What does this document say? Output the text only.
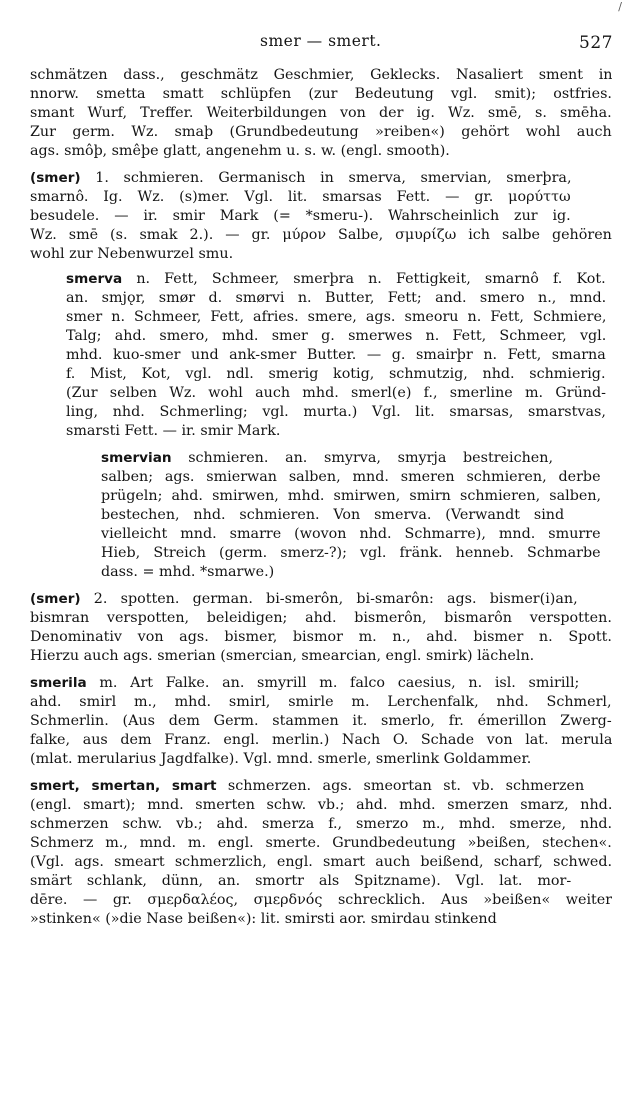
smer — smert.	527
/
schmätzen dass., geschmätz Geschmier, Geklecks. Nasaliert sment in
nnorw. smetta smatt schlüpfen (zur Bedeutung vgl. smit); ostfries.
smant Wurf, Treffer. Weiterbildungen von der ig. Wz. smē, s. smēha.
Zur germ. Wz. smaþ (Grundbedeutung »reiben«) gehört wohl auch
ags. smôþ, smêþe glatt, angenehm u. s. w. (engl. smooth).
(smer) 1. schmieren. Germanisch in smerva, smervian, smerþra,
smarnô. Ig. Wz. (s)mer. Vgl. lit. smarsas Fett. — gr. μορύττω
besudele. — ir. smir Mark (= *smeru-). Wahrscheinlich zur ig.
Wz. smē (s. smak 2.). — gr. μύρον Salbe, σμυρίζω ich salbe gehören
wohl zur Nebenwurzel smu.
smerva n. Fett, Schmeer, smerþra n. Fettigkeit, smarnô f. Kot.
an. smjǫr, smør d. smørvi n. Butter, Fett; and. smero n., mnd.
smer n. Schmeer, Fett, afries. smere, ags. smeoru n. Fett, Schmiere,
Talg; ahd. smero, mhd. smer g. smerwes n. Fett, Schmeer, vgl.
mhd. kuo-smer und ank-smer Butter. — g. smairþr n. Fett, smarna
f. Mist, Kot, vgl. ndl. smerig kotig, schmutzig, nhd. schmierig.
(Zur selben Wz. wohl auch mhd. smerl(e) f., smerline m. Gründ-
ling, nhd. Schmerling; vgl. murta.) Vgl. lit. smarsas, smarstvas,
smarsti Fett. — ir. smir Mark.
smervian schmieren. an. smyrva, smyrja bestreichen,
salben; ags. smierwan salben, mnd. smeren schmieren, derbe
prügeln; ahd. smirwen, mhd. smirwen, smirn schmieren, salben,
bestechen, nhd. schmieren. Von smerva. (Verwandt sind
vielleicht mnd. smarre (wovon nhd. Schmarre), mnd. smurre
Hieb, Streich (germ. smerz-?); vgl. fränk. henneb. Schmarbe
dass. = mhd. *smarwe.)
(smer) 2. spotten. german. bi-smerôn, bi-smarôn: ags. bismer(i)an,
bismran verspotten, beleidigen; ahd. bismerôn, bismarôn verspotten.
Denominativ von ags. bismer, bismor m. n., ahd. bismer n. Spott.
Hierzu auch ags. smerian (smercian, smearcian, engl. smirk) lächeln.
smerila m. Art Falke. an. smyrill m. falco caesius, n. isl. smirill;
ahd. smirl m., mhd. smirl, smirle m. Lerchenfalk, nhd. Schmerl,
Schmerlin. (Aus dem Germ. stammen it. smerlo, fr. émerillon Zwerg-
falke, aus dem Franz. engl. merlin.) Nach O. Schade von lat. merula
(mlat. merularius Jagdfalke). Vgl. mnd. smerle, smerlink Goldammer.
smert, smertan, smart schmerzen. ags. smeortan st. vb. schmerzen
(engl. smart); mnd. smerten schw. vb.; ahd. mhd. smerzen smarz, nhd.
schmerzen schw. vb.; ahd. smerza f., smerzo m., mhd. smerze, nhd.
Schmerz m., mnd. m. engl. smerte. Grundbedeutung »beißen, stechen«.
(Vgl. ags. smeart schmerzlich, engl. smart auch beißend, scharf, schwed.
smärt schlank, dünn, an. smortr als Spitzname). Vgl. lat. mor-
dēre. — gr. σμερδαλέος, σμερδνός schrecklich. Aus »beißen« weiter
»stinken« (»die Nase beißen«): lit. smirsti aor. smirdau stinkend
